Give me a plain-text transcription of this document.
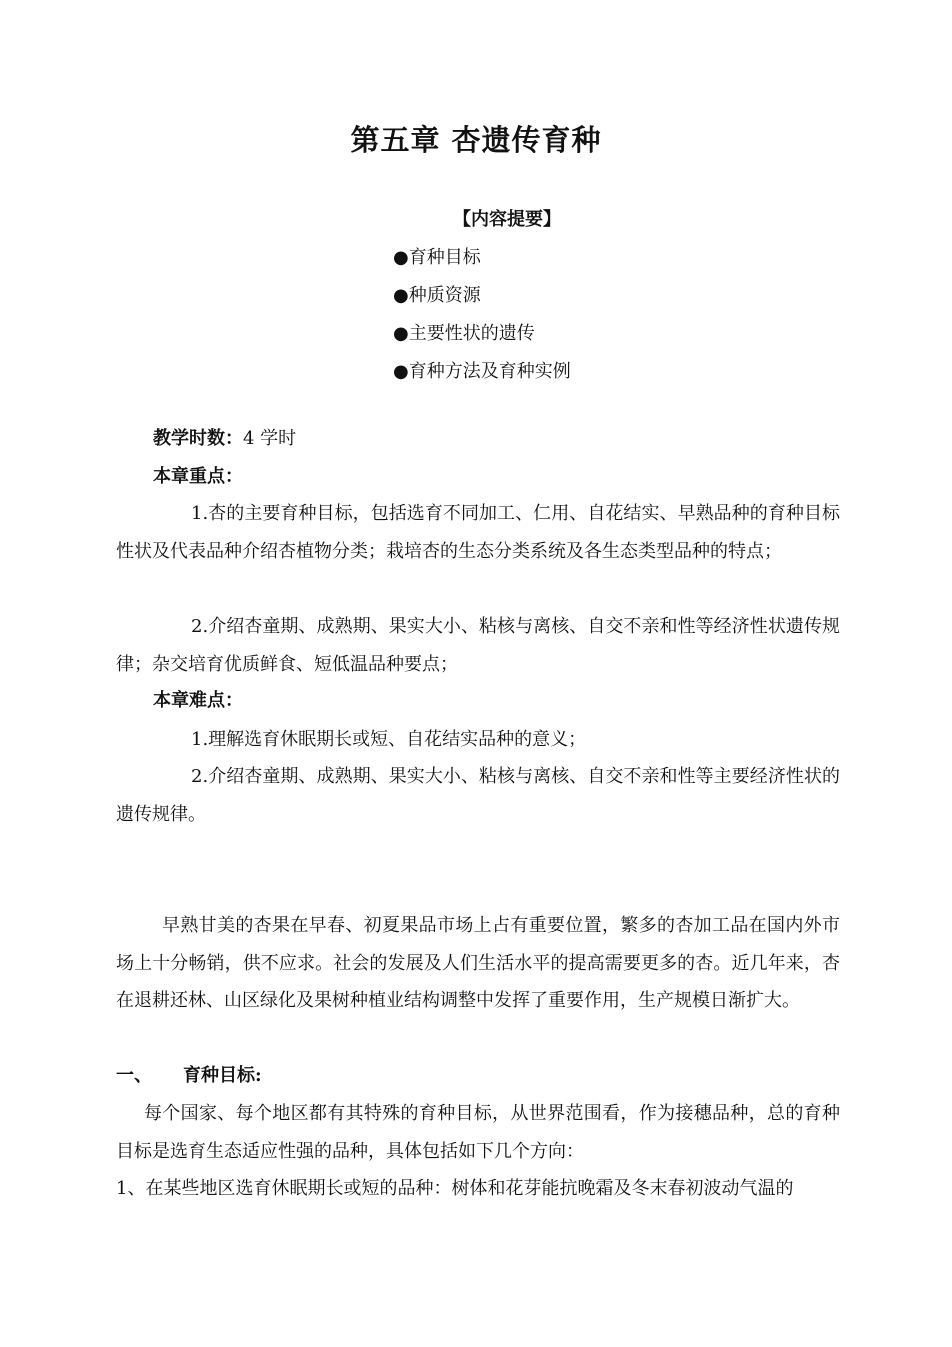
第五章 杏遗传育种
【内容提要】
●育种目标
●种质资源
●主要性状的遗传
●育种方法及育种实例
教学时数：4 学时
本章重点：

1.杏的主要育种目标，包括选育不同加工、仁用、自花结实、早熟品种的育种目标性状及代表品种介绍杏植物分类；栽培杏的生态分类系统及各生态类型品种的特点；

2.介绍杏童期、成熟期、果实大小、粘核与离核、自交不亲和性等经济性状遗传规律；杂交培育优质鲜食、短低温品种要点；

本章难点：

1.理解选育休眠期长或短、自花结实品种的意义；

2.介绍杏童期、成熟期、果实大小、粘核与离核、自交不亲和性等主要经济性状的遗传规律。

早熟甘美的杏果在早春、初夏果品市场上占有重要位置，繁多的杏加工品在国内外市场上十分畅销，供不应求。社会的发展及人们生活水平的提高需要更多的杏。近几年来，杏在退耕还林、山区绿化及果树种植业结构调整中发挥了重要作用，生产规模日渐扩大。

一、 育种目标:

每个国家、每个地区都有其特殊的育种目标，从世界范围看，作为接穗品种，总的育种目标是选育生态适应性强的品种，具体包括如下几个方向：

1、在某些地区选育休眠期长或短的品种：树体和花芽能抗晚霜及冬末春初波动气温的
